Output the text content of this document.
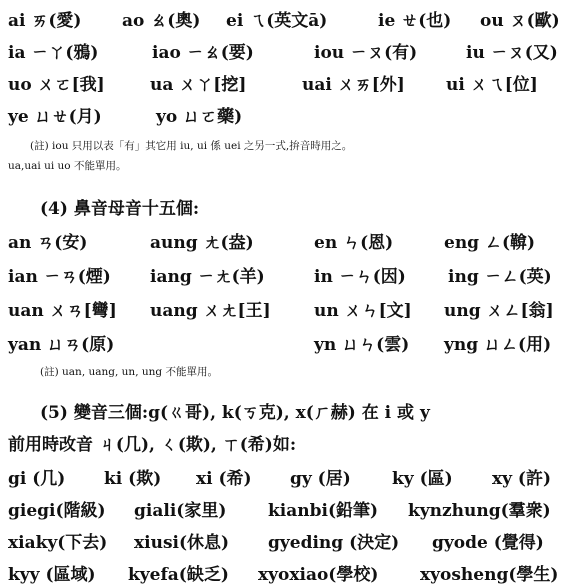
ai ㄞ(愛) ao ㄠ(奧) ei ㄟ(英文ā)	ie ㄝ(也) ou ㄡ(歐)
ia ㄧㄚ(鴉)	iao ㄧㄠ(要)	iou ㄧㄡ(有)	iu ㄧㄡ(又)
uo ㄨㄛ[我]	ua ㄨㄚ[挖]	uai ㄨㄞ[外] ui ㄨㄟ[位]
ye ㄩㄝ(月)	yo ㄩㄛ藥)
(註) iou 只用以表「有」其它用 iu, ui 係 uei 之另一式,拚音時用之。
ua,uai ui uo 不能單用。
(4) 鼻音母音十五個:
an ㄢ(安)	aung ㄤ(盎)	en ㄣ(恩)	eng ㄥ(鞥)
ian ㄧㄢ(煙) iang ㄧㄤ(羊)	in ㄧㄣ(因) ing ㄧㄥ(英)
uan ㄨㄢ[彎] uang ㄨㄤ[王]	un ㄨㄣ[文] ung ㄨㄥ[翁]
yan ㄩㄢ(原)	yn ㄩㄣ(雲) yng ㄩㄥ(用)
(註) uan, uang, un, ung 不能單用。
(5) 變音三個:g(ㄍ哥), k(ㄎ克), x(ㄏ赫) 在 i 或 y
前用時改音 ㄐ(几), ㄑ(欺), ㄒ(希)如:
gi (几) ki (欺) xi (希) gy (居) ky (區) xy (許)
giegi(階級) giali(家里) kianbi(鉛筆) kynzhung(羣衆)
xiaky(下去) xiusi(休息) gyeding (決定) gyode (覺得)
kyy (區域) kyefa(缺乏) xyoxiao(學校) xyosheng(學生)
